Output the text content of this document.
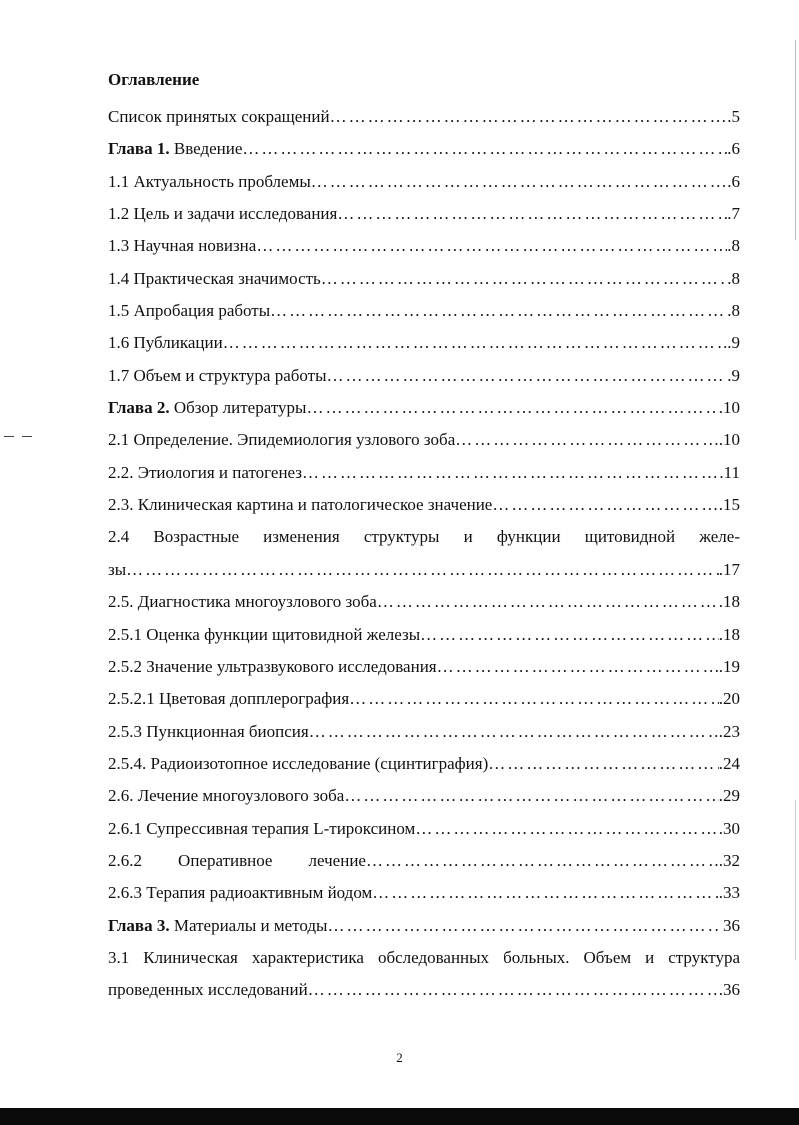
Оглавление
Список принятых сокращений ……………………………………………………………………………………………………………………………………………………………	.5
Глава 1. Введение ……………………………………………………………………………………………………………………………………………………………	.6
1.1 Актуальность проблемы ……………………………………………………………………………………………………………………………………………………………	.6
1.2 Цель и задачи исследования ……………………………………………………………………………………………………………………………………………………………	.7
1.3 Научная новизна ……………………………………………………………………………………………………………………………………………………………	.8
1.4 Практическая значимость ……………………………………………………………………………………………………………………………………………………………	.8
1.5 Апробация работы ……………………………………………………………………………………………………………………………………………………………	.8
1.6 Публикации ……………………………………………………………………………………………………………………………………………………………	.9
1.7 Объем и структура работы ……………………………………………………………………………………………………………………………………………………………	.9
Глава 2. Обзор литературы ……………………………………………………………………………………………………………………………………………………………	.10
2.1 Определение. Эпидемиология узлового зоба ……………………………………………………………………………………………………………………………………………………………	.10
2.2. Этиология и патогенез ……………………………………………………………………………………………………………………………………………………………	.11
2.3. Клиническая картина и патологическое значение ……………………………………………………………………………………………………………………………………………………………	.15
2.4 Возрастные изменения структуры и функции щитовидной желе-
зы ……………………………………………………………………………………………………………………………………………………………	.17
2.5. Диагностика многоузлового зоба ……………………………………………………………………………………………………………………………………………………………	.18
2.5.1 Оценка функции щитовидной железы ……………………………………………………………………………………………………………………………………………………………	.18
2.5.2 Значение ультразвукового исследования ……………………………………………………………………………………………………………………………………………………………	.19
2.5.2.1 Цветовая допплерография ……………………………………………………………………………………………………………………………………………………………	.20
2.5.3 Пункционная биопсия ……………………………………………………………………………………………………………………………………………………………	.23
2.5.4. Радиоизотопное исследование (сцинтиграфия) ……………………………………………………………………………………………………………………………………………………………	.24
2.6. Лечение многоузлового зоба ……………………………………………………………………………………………………………………………………………………………	.29
2.6.1 Супрессивная терапия L-тироксином ……………………………………………………………………………………………………………………………………………………………	.30
2.6.2 Оперативное лечение ……………………………………………………………………………………………………………………………………………………………	.32
2.6.3 Терапия радиоактивным йодом ……………………………………………………………………………………………………………………………………………………………	.33
Глава 3. Материалы и методы ……………………………………………………………………………………………………………………………………………………………	. 36
3.1 Клиническая характеристика обследованных больных. Объем и структура
проведенных исследований ……………………………………………………………………………………………………………………………………………………………	.36
2
